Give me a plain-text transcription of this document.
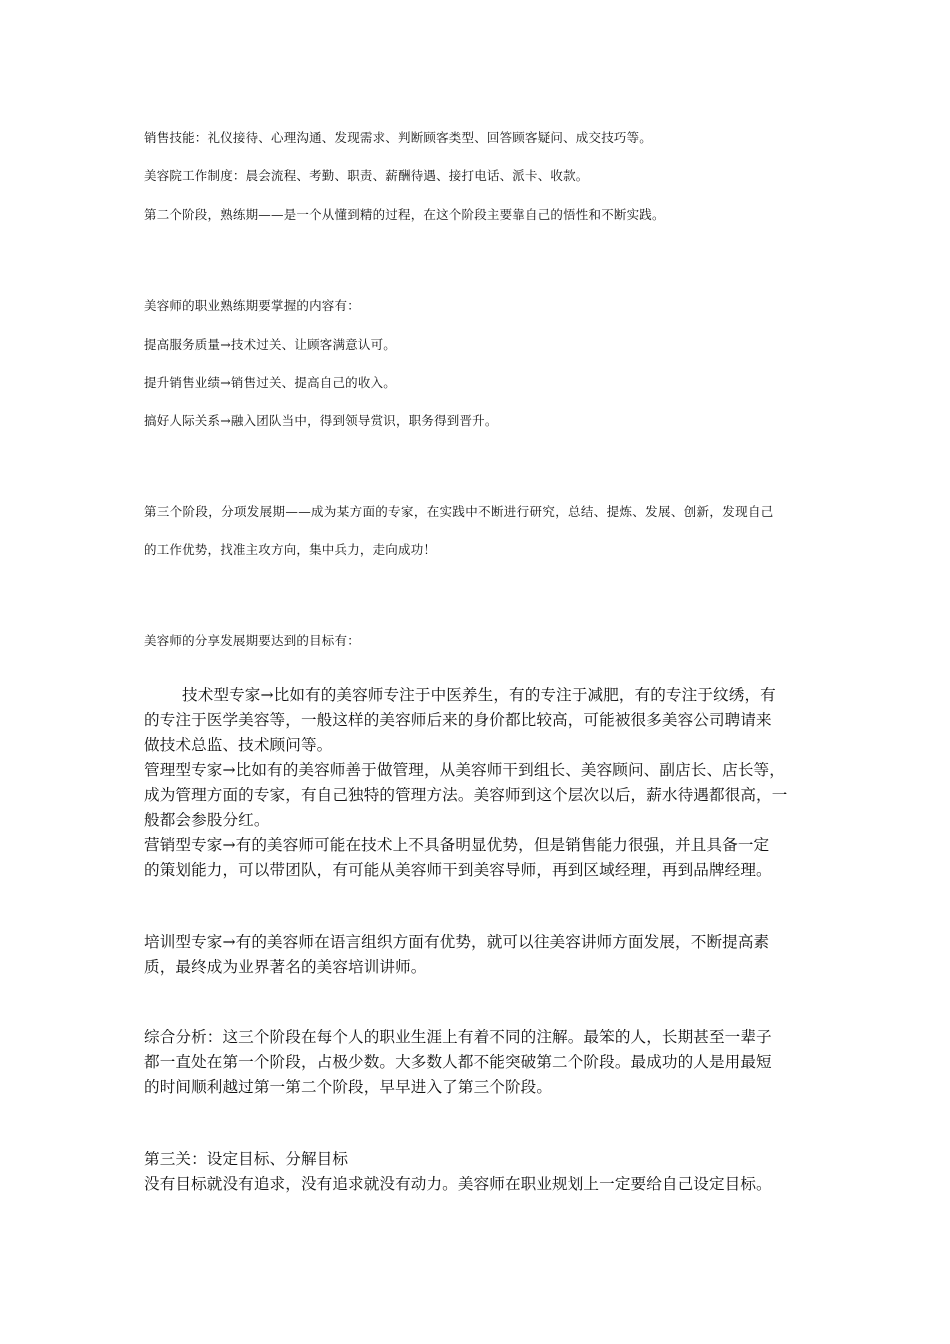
销售技能：礼仪接待、心理沟通、发现需求、判断顾客类型、回答顾客疑问、成交技巧等。

美容院工作制度：晨会流程、考勤、职责、薪酬待遇、接打电话、派卡、收款。

第二个阶段，熟练期——是一个从懂到精的过程，在这个阶段主要靠自己的悟性和不断实践。

美容师的职业熟练期要掌握的内容有：

提高服务质量→技术过关、让顾客满意认可。

提升销售业绩→销售过关、提高自己的收入。

搞好人际关系→融入团队当中，得到领导赏识，职务得到晋升。

第三个阶段，分项发展期——成为某方面的专家，在实践中不断进行研究，总结、提炼、发展、创新，发现自己

的工作优势，找准主攻方向，集中兵力，走向成功！

美容师的分享发展期要达到的目标有：

技术型专家→比如有的美容师专注于中医养生，有的专注于减肥，有的专注于纹绣，有

的专注于医学美容等，一般这样的美容师后来的身价都比较高，可能被很多美容公司聘请来

做技术总监、技术顾问等。

管理型专家→比如有的美容师善于做管理，从美容师干到组长、美容顾问、副店长、店长等，

成为管理方面的专家，有自己独特的管理方法。美容师到这个层次以后，薪水待遇都很高，一

般都会参股分红。

营销型专家→有的美容师可能在技术上不具备明显优势，但是销售能力很强，并且具备一定

的策划能力，可以带团队，有可能从美容师干到美容导师，再到区域经理，再到品牌经理。

培训型专家→有的美容师在语言组织方面有优势，就可以往美容讲师方面发展，不断提高素

质，最终成为业界著名的美容培训讲师。

综合分析：这三个阶段在每个人的职业生涯上有着不同的注解。最笨的人，长期甚至一辈子

都一直处在第一个阶段，占极少数。大多数人都不能突破第二个阶段。最成功的人是用最短

的时间顺利越过第一第二个阶段，早早进入了第三个阶段。

第三关：设定目标、分解目标

没有目标就没有追求，没有追求就没有动力。美容师在职业规划上一定要给自己设定目标。
